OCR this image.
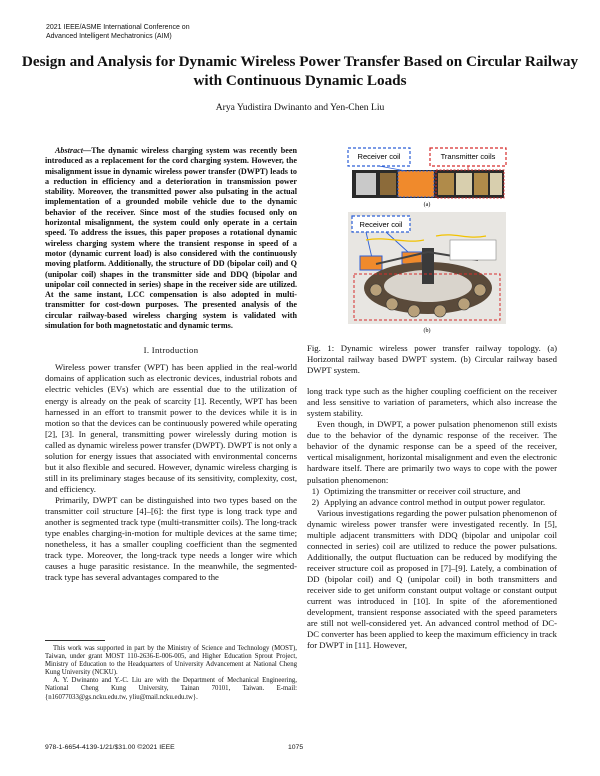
2021 IEEE/ASME International Conference on
Advanced Intelligent Mechatronics (AIM)
Design and Analysis for Dynamic Wireless Power Transfer Based on Circular Railway with Continuous Dynamic Loads
Arya Yudistira Dwinanto and Yen-Chen Liu

Abstract—The dynamic wireless charging system was recently been introduced as a replacement for the cord charging system. However, the misalignment issue in dynamic wireless power transfer (DWPT) leads to a reduction in efficiency and a deterioration in transmission power stability. Moreover, the transmitted power also pulsating in the actual implementation of a grounded mobile vehicle due to the dynamic behavior of the receiver. Since most of the studies focused only on horizontal misalignment, the system could only operate in a certain speed. To address the issues, this paper proposes a rotational dynamic wireless charging system where the transient response in speed of a motor (dynamic current load) is also considered with the continuously moving platform. Additionally, the structure of DD (bipolar coil) and Q (unipolar coil) shapes in the transmitter side and DDQ (bipolar and unipolar coil connected in series) shape in the receiver side are utilized. At the same instant, LCC compensation is also adopted in multi-transmitter for cost-down purposes. The presented analysis of the circular railway-based wireless charging system is validated with simulation for both magnetostatic and dynamic terms.

I. Introduction

Wireless power transfer (WPT) has been applied in the real-world domains of application such as electronic devices, industrial robots and electric vehicles (EVs) which are essential due to the utilization of energy is already on the peak of scarcity [1]. Recently, WPT has been harnessed in an effort to transmit power to the devices while it is in motion so that the devices can be continuously powered while operating [2], [3]. In general, transmitting power wirelessly during motion is called as dynamic wireless power transfer (DWPT). DWPT is not only a solution for energy issues that associated with environmental concerns but it also flexible and secured. However, dynamic wireless charging is still in its preliminary stages because of its sensitivity, complexity, cost, and efficiency.

Primarily, DWPT can be distinguished into two types based on the transmitter coil structure [4]–[6]: the first type is long track type and another is segmented track type (multi-transmitter coils). The long-track type enables charging-in-motion for multiple devices at the same time; nonetheless, it has a smaller coupling coefficient than the segmented track type. Moreover, the long-track type needs a longer wire which causes a huge parasitic resistance. In the meanwhile, the segmented-track type has several advantages compared to the

This work was supported in part by the Ministry of Science and Technology (MOST), Taiwan, under grant MOST 110-2636-E-006-005, and Higher Education Sprout Project, Ministry of Education to the Headquarters of University Advancement at National Cheng Kung University (NCKU).

A. Y. Dwinanto and Y.-C. Liu are with the Department of Mechanical Engineering, National Cheng Kung University, Tainan 70101, Taiwan. E-mail: {n16077033@gs.ncku.edu.tw, yliu@mail.ncku.edu.tw}.

Receiver coil	Transmitter coils
(a)
Receiver coil
(b)

Fig. 1: Dynamic wireless power transfer railway topology. (a) Horizontal railway based DWPT system. (b) Circular railway based DWPT system.

long track type such as the higher coupling coefficient on the receiver and less sensitive to variation of parameters, which also increase the system stability.

Even though, in DWPT, a power pulsation phenomenon still exists due to the behavior of the dynamic response of the receiver. The behavior of the dynamic response can be a speed of the receiver, vertical misalignment, horizontal misalignment and even the electronic hardware itself. There are primarily two ways to cope with the power pulsation phenomenon:

1) Optimizing the transmitter or receiver coil structure, and
2) Applying an advance control method in output power regulator.

Various investigations regarding the power pulsation phenomenon of dynamic wireless power transfer were investigated recently. In [5], multiple adjacent transmitters with DDQ (bipolar and unipolar coil connected in series) coil are utilized to reduce the power pulsations. Additionally, the output fluctuation can be reduced by modifying the receiver structure coil as proposed in [7]–[9]. Lately, a combination of DD (bipolar coil) and Q (unipolar coil) in both transmitters and receiver side to get uniform constant output voltage or constant output current was introduced in [10]. In spite of the aforementioned development, transient response associated with the speed parameters are still not well-considered yet. An advanced control method of DC-DC converter has been applied to keep the maximum efficiency in track for DWPT in [11]. However,

978-1-6654-4139-1/21/$31.00 ©2021 IEEE	1075
